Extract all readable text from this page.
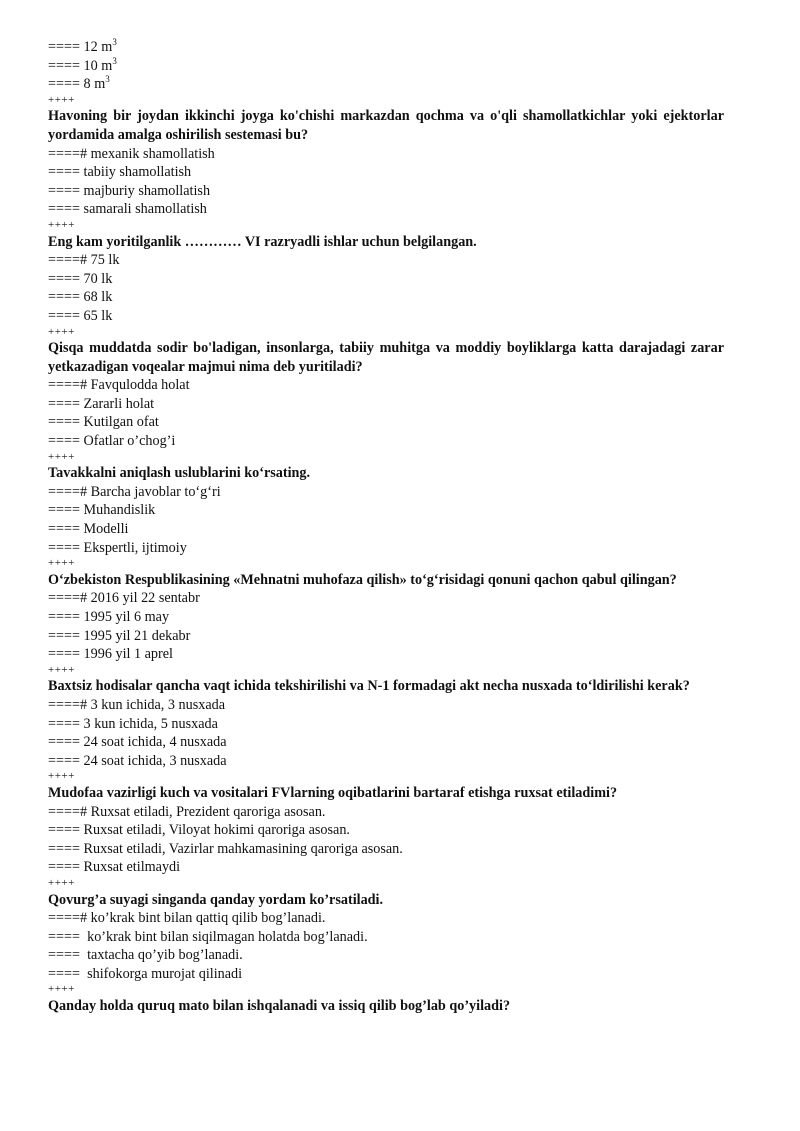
==== 12 $m^3$

==== 10 $m^3$

==== 8 $m^3$

++++

Havoning bir joydan ikkinchi joyga ko'chishi markazdan qochma va o'qli shamollatkichlar yoki ejektorlar yordamida amalga oshirilish sestemasi bu?

====# mexanik shamollatish

==== tabiiy shamollatish

==== majburiy shamollatish

==== samarali shamollatish

++++

Eng kam yoritilganlik ………… VI razryadli ishlar uchun belgilangan.

====# 75 lk

==== 70 lk

==== 68 lk

==== 65 lk

++++

Qisqa muddatda sodir bo'ladigan, insonlarga, tabiiy muhitga va moddiy boyliklarga katta darajadagi zarar yetkazadigan voqealar majmui nima deb yuritiladi?

====# Favqulodda holat

==== Zararli holat

==== Kutilgan ofat

==== Ofatlar o’chog’i

++++

Tavakkalni aniqlash uslublarini ko‘rsating.

====# Barcha javoblar to‘g‘ri

==== Muhandislik

==== Modelli

==== Ekspertli, ijtimoiy

++++

O‘zbekiston Respublikasining «Mehnatni muhofaza qilish» to‘g‘risidagi qonuni qachon qabul qilingan?

====# 2016 yil 22 sentabr

==== 1995 yil 6 may

==== 1995 yil 21 dekabr

==== 1996 yil 1 aprel

++++

Baxtsiz hodisalar qancha vaqt ichida tekshirilishi va N-1 formadagi akt necha nusxada to‘ldirilishi kerak?

====# 3 kun ichida, 3 nusxada

==== 3 kun ichida, 5 nusxada

==== 24 soat ichida, 4 nusxada

==== 24 soat ichida, 3 nusxada

++++

Mudofaa vazirligi kuch va vositalari FVlarning oqibatlarini bartaraf etishga ruxsat etiladimi?

====# Ruxsat etiladi, Prezident qaroriga asosan.

==== Ruxsat etiladi, Viloyat hokimi qaroriga asosan.

==== Ruxsat etiladi, Vazirlar mahkamasining qaroriga asosan.

==== Ruxsat etilmaydi

++++

Qovurg’a suyagi singanda qanday yordam ko’rsatiladi.

====# ko’krak bint bilan qattiq qilib bog’lanadi.

====  ko’krak bint bilan siqilmagan holatda bog’lanadi.

====  taxtacha qo’yib bog’lanadi.

====  shifokorga murojat qilinadi

++++

Qanday holda quruq mato bilan ishqalanadi va issiq qilib bog’lab qo’yiladi?
